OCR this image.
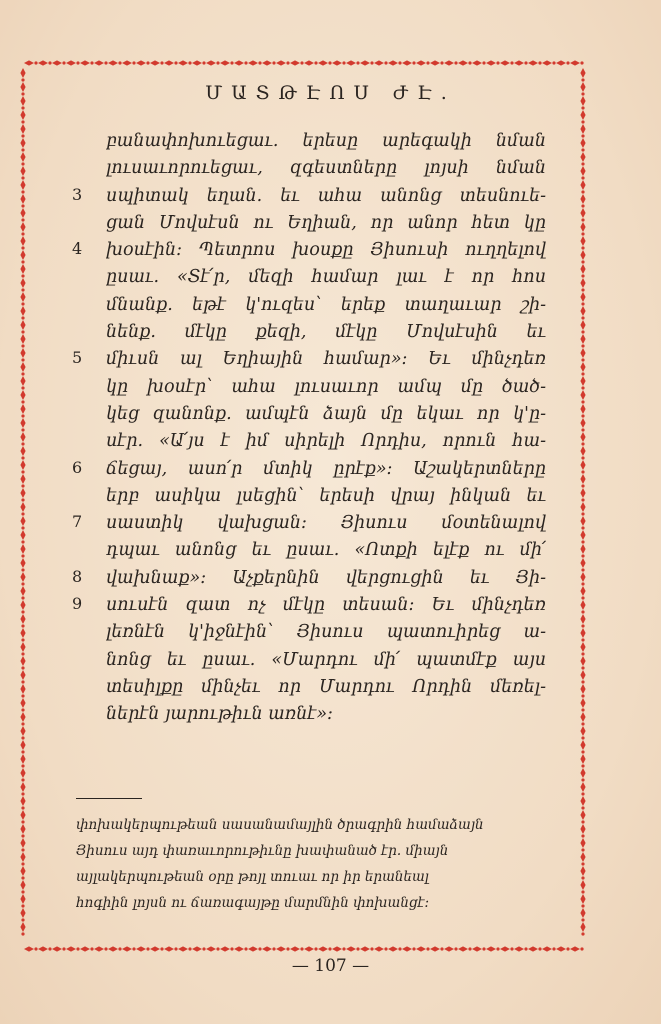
ՄԱՏԹԷՈՍ ԺԷ.
3
4
5
6
7
8
9
բանափոխուեցաւ. երեսը արեգակի նման
լուսաւորուեցաւ, զգեստները լոյսի նման
սպիտակ եղան. եւ ահա անոնց տեսնուե-
ցան Մովսէսն ու Եղիան, որ անոր հետ կը
խօսէին: Պետրոս խօսքը Յիսուսի ուղղելով
ըսաւ. «Տէ՛ր, մեզի համար լաւ է որ հոս
մնանք. եթէ կ'ուզես՝ երեք տաղաւար շի-
նենք. մէկը քեզի, մէկը Մովսէսին եւ
միւսն ալ Եղիային համար»: Եւ մինչդեռ
կը խօսէր՝ ահա լուսաւոր ամպ մը ծած-
կեց զանոնք. ամպէն ձայն մը եկաւ որ կ'ը-
սէր. «Ա՛յս է իմ սիրելի Որդիս, որուն հա-
ճեցայ, ասո՛ր մտիկ ըրէք»: Աշակերտները
երբ ասիկա լսեցին՝ երեսի վրայ ինկան եւ
սաստիկ վախցան: Յիսուս մօտենալով
դպաւ անոնց եւ ըսաւ. «Ոտքի ելէք ու մի՛
վախնաք»: Աչքերնին վերցուցին եւ Յի-
սուսէն զատ ոչ մէկը տեսան: Եւ մինչդեռ
լեռնէն կ'իջնէին՝ Յիսուս պատուիրեց ա-
նոնց եւ ըսաւ. «Մարդու մի՛ պատմէք այս
տեսիլքը մինչեւ որ Մարդու Որդին մեռել-
ներէն յարութիւն առնէ»:
փոխակերպութեան սասանամայլին ծրագրին համաձայն
Յիսուս այդ փառաւորութիւնը խափանած էր. միայն
այլակերպութեան օրը թոյլ տուաւ որ իր երանեալ
հոգիին լոյսն ու ճառագայթը մարմնին փոխանցէ:
— 107 —
